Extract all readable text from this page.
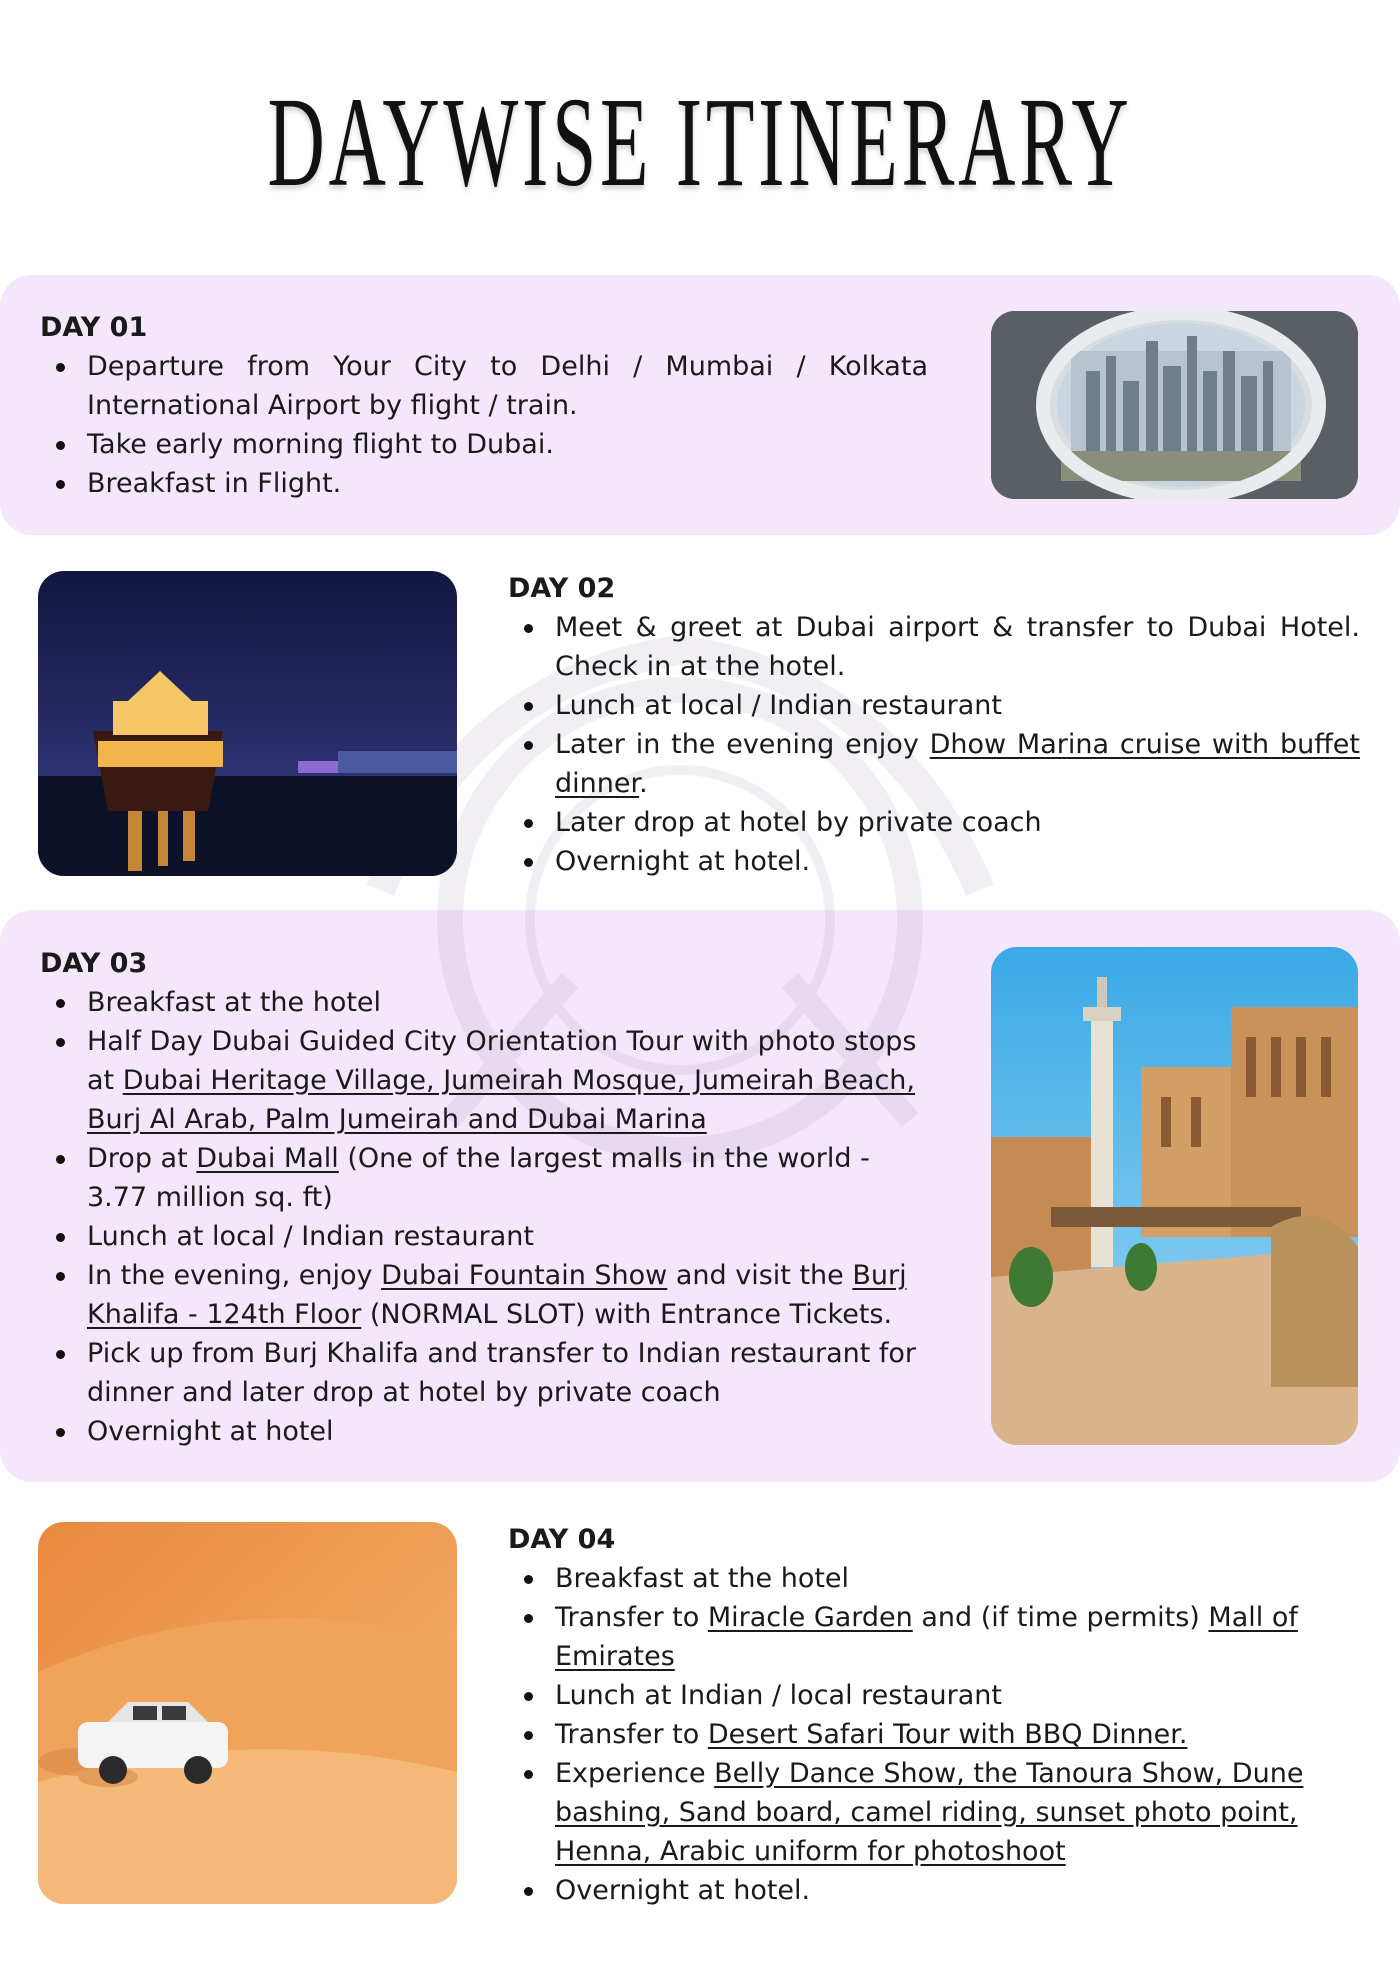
DAYWISE ITINERARY
DAY 01
Departure from Your City to Delhi / Mumbai / Kolkata International Airport by flight / train.
Take early morning flight to Dubai.
Breakfast in Flight.
DAY 02
Meet & greet at Dubai airport & transfer to Dubai Hotel. Check in at the hotel.
Lunch at local / Indian restaurant
Later in the evening enjoy Dhow Marina cruise with buffet dinner.
Later drop at hotel by private coach
Overnight at hotel.
DAY 03
Breakfast at the hotel
Half Day Dubai Guided City Orientation Tour with photo stops at Dubai Heritage Village, Jumeirah Mosque, Jumeirah Beach, Burj Al Arab, Palm Jumeirah and Dubai Marina
Drop at Dubai Mall (One of the largest malls in the world - 3.77 million sq. ft)
Lunch at local / Indian restaurant
In the evening, enjoy Dubai Fountain Show and visit the Burj Khalifa - 124th Floor (NORMAL SLOT) with Entrance Tickets.
Pick up from Burj Khalifa and transfer to Indian restaurant for dinner and later drop at hotel by private coach
Overnight at hotel
DAY 04
Breakfast at the hotel
Transfer to Miracle Garden and (if time permits) Mall of Emirates
Lunch at Indian / local restaurant
Transfer to Desert Safari Tour with BBQ Dinner.
Experience Belly Dance Show, the Tanoura Show, Dune bashing, Sand board, camel riding, sunset photo point, Henna, Arabic uniform for photoshoot
Overnight at hotel.
